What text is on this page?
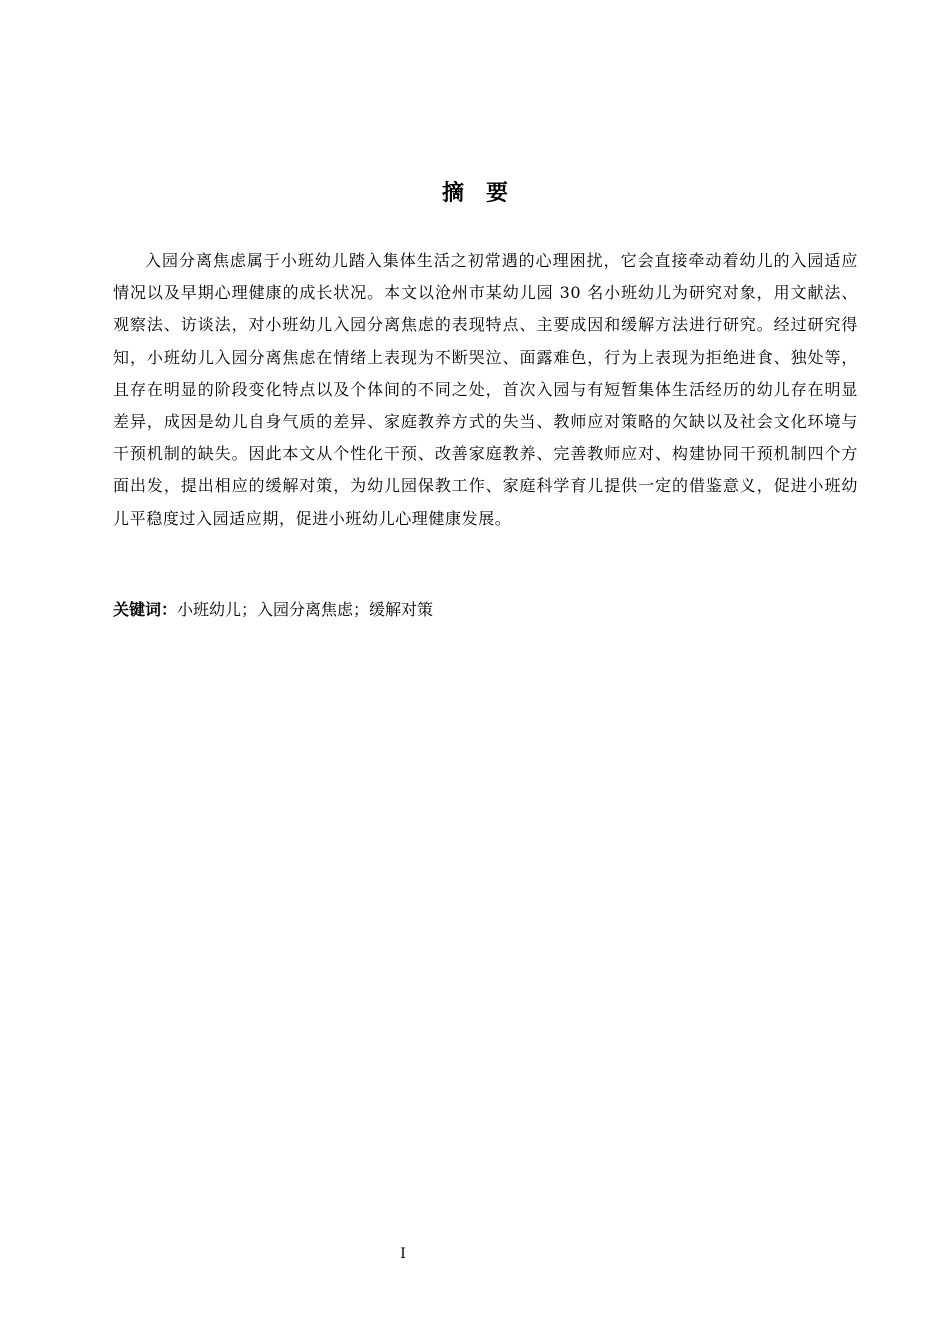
摘 要

入园分离焦虑属于小班幼儿踏入集体生活之初常遇的心理困扰，它会直接牵动着幼儿的入园适应情况以及早期心理健康的成长状况。本文以沧州市某幼儿园 30 名小班幼儿为研究对象，用文献法、观察法、访谈法，对小班幼儿入园分离焦虑的表现特点、主要成因和缓解方法进行研究。经过研究得知，小班幼儿入园分离焦虑在情绪上表现为不断哭泣、面露难色，行为上表现为拒绝进食、独处等，且存在明显的阶段变化特点以及个体间的不同之处，首次入园与有短暂集体生活经历的幼儿存在明显差异，成因是幼儿自身气质的差异、家庭教养方式的失当、教师应对策略的欠缺以及社会文化环境与干预机制的缺失。因此本文从个性化干预、改善家庭教养、完善教师应对、构建协同干预机制四个方面出发，提出相应的缓解对策，为幼儿园保教工作、家庭科学育儿提供一定的借鉴意义，促进小班幼儿平稳度过入园适应期，促进小班幼儿心理健康发展。

关键词：小班幼儿；入园分离焦虑；缓解对策

I
